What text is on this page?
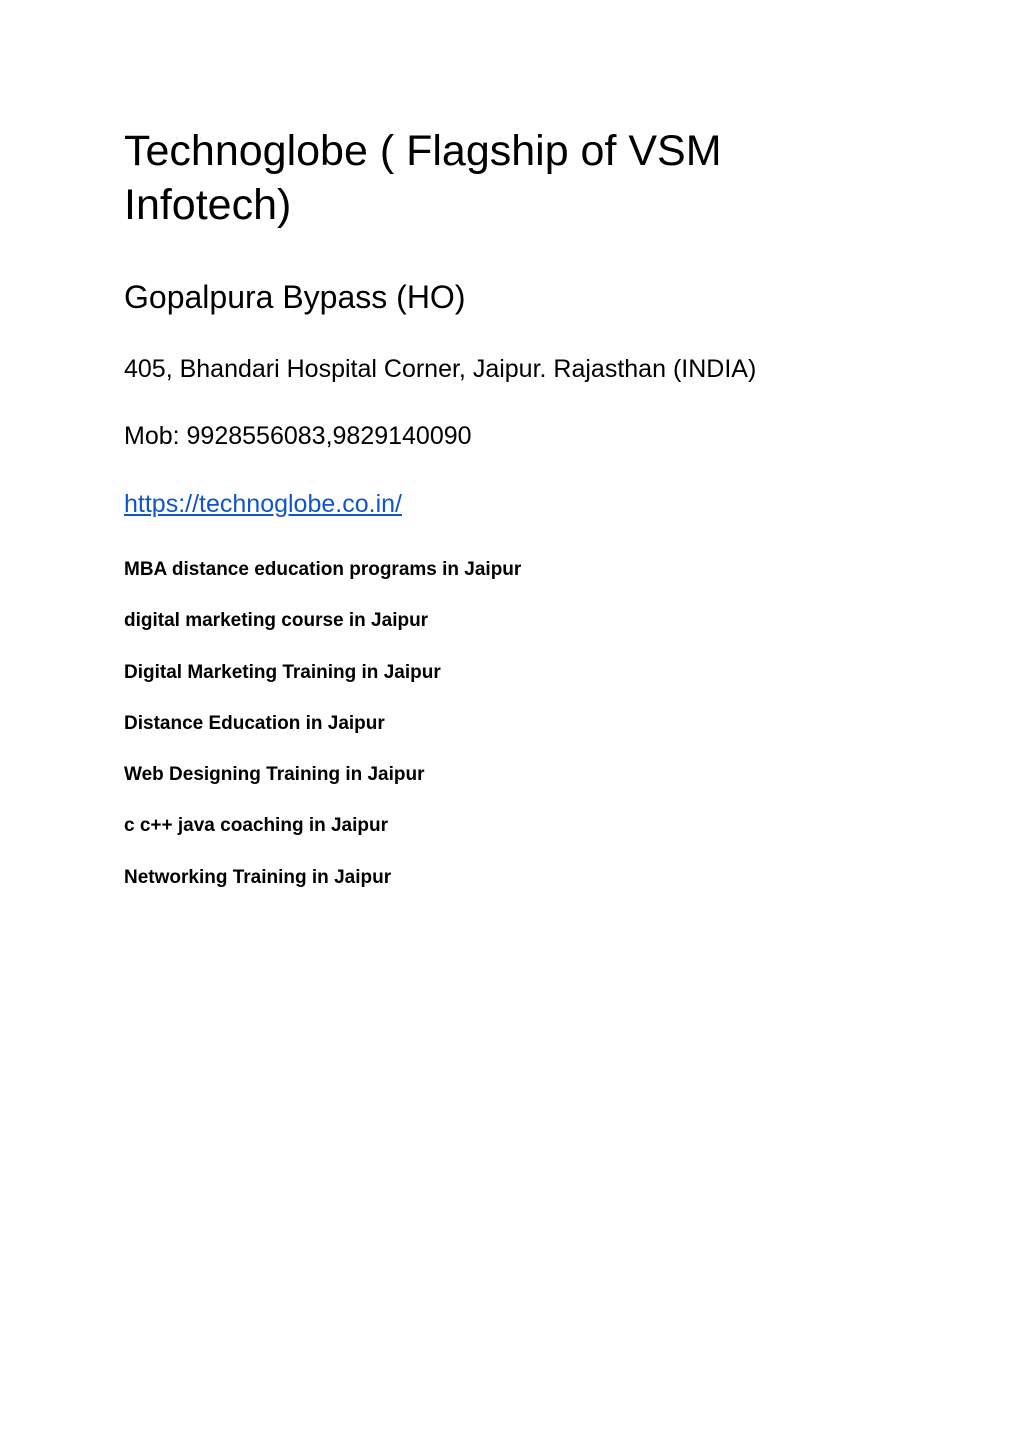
Technoglobe ( Flagship of VSM Infotech)
Gopalpura Bypass (HO)

405, Bhandari Hospital Corner, Jaipur. Rajasthan (INDIA)

Mob: 9928556083,9829140090

https://technoglobe.co.in/
MBA distance education programs in Jaipur
digital marketing course in Jaipur
Digital Marketing Training in Jaipur
Distance Education in Jaipur
Web Designing Training in Jaipur
c c++ java coaching in Jaipur
Networking Training in Jaipur
